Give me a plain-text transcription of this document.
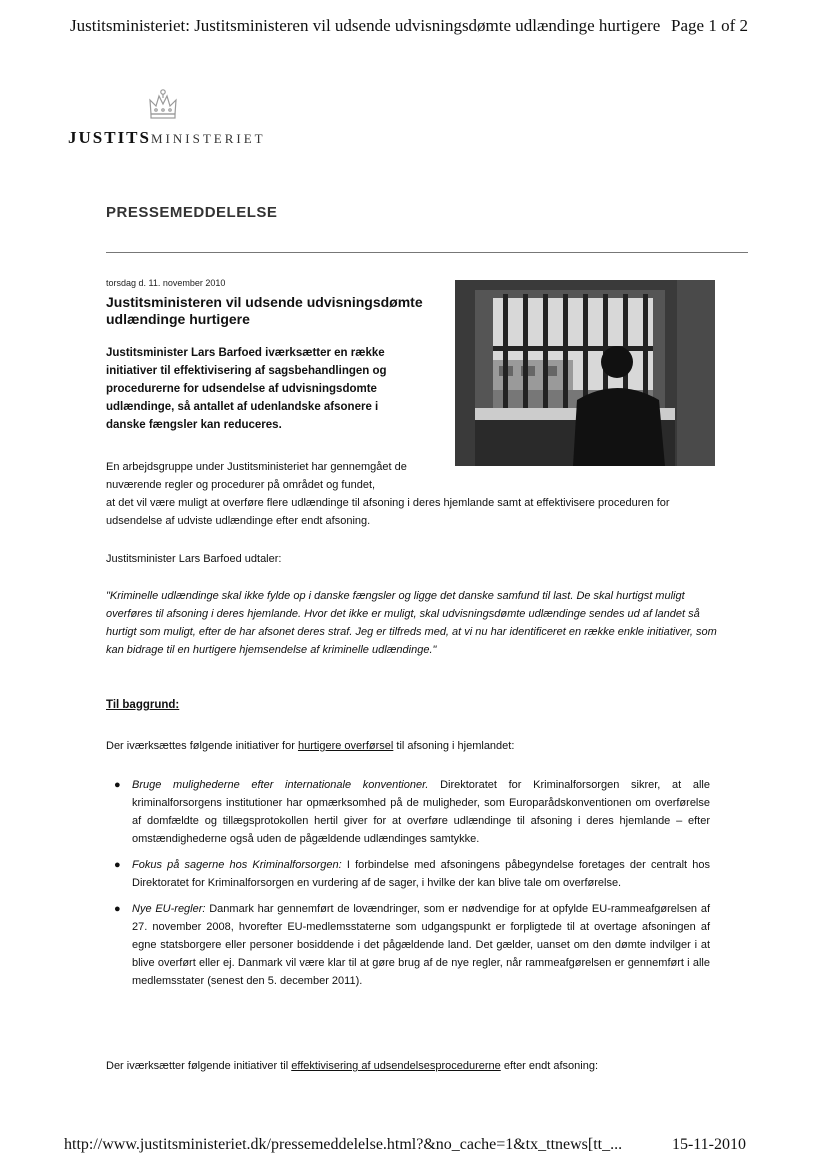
Justitsministeriet: Justitsministeren vil udsende udvisningsdømte udlændinge hurtigere Page 1 of 2
JUSTITSMINISTERIET
PRESSEMEDDELELSE
torsdag d. 11. november 2010
Justitsministeren vil udsende udvisningsdømte udlændinge hurtigere
Justitsminister Lars Barfoed iværksætter en række initiativer til effektivisering af sagsbehandlingen og procedurerne for udsendelse af udvisningsdomte udlændinge, så antallet af udenlandske afsonere i danske fængsler kan reduceres.
En arbejdsgruppe under Justitsministeriet har gennemgået de nuværende regler og procedurer på området og fundet,
at det vil være muligt at overføre flere udlændinge til afsoning i deres hjemlande samt at effektivisere proceduren for udsendelse af udviste udlændinge efter endt afsoning.
Justitsminister Lars Barfoed udtaler:
"Kriminelle udlændinge skal ikke fylde op i danske fængsler og ligge det danske samfund til last. De skal hurtigst muligt overføres til afsoning i deres hjemlande. Hvor det ikke er muligt, skal udvisningsdømte udlændinge sendes ud af landet så hurtigt som muligt, efter de har afsonet deres straf. Jeg er tilfreds med, at vi nu har identificeret en række enkle initiativer, som kan bidrage til en hurtigere hjemsendelse af kriminelle udlændinge."
Til baggrund:
Der iværksættes følgende initiativer for hurtigere overførsel til afsoning i hjemlandet:
● Bruge mulighederne efter internationale konventioner. Direktoratet for Kriminalforsorgen sikrer, at alle kriminalforsorgens institutioner har opmærksomhed på de muligheder, som Europarådskonventionen om overførelse af domfældte og tillægsprotokollen hertil giver for at overføre udlændinge til afsoning i deres hjemlande – efter omstændighederne også uden de pågældende udlændinges samtykke.
● Fokus på sagerne hos Kriminalforsorgen: I forbindelse med afsoningens påbegyndelse foretages der centralt hos Direktoratet for Kriminalforsorgen en vurdering af de sager, i hvilke der kan blive tale om overførelse.
● Nye EU-regler: Danmark har gennemført de lovændringer, som er nødvendige for at opfylde EU-rammeafgørelsen af 27. november 2008, hvorefter EU-medlemsstaterne som udgangspunkt er forpligtede til at overtage afsoningen af egne statsborgere eller personer bosiddende i det pågældende land. Det gælder, uanset om den dømte indvilger i at blive overført eller ej. Danmark vil være klar til at gøre brug af de nye regler, når rammeafgørelsen er gennemført i alle medlemsstater (senest den 5. december 2011).
Der iværksætter følgende initiativer til effektivisering af udsendelsesprocedurerne efter endt afsoning:
http://www.justitsministeriet.dk/pressemeddelelse.html?&no_cache=1&tx_ttnews[tt_...	15-11-2010
